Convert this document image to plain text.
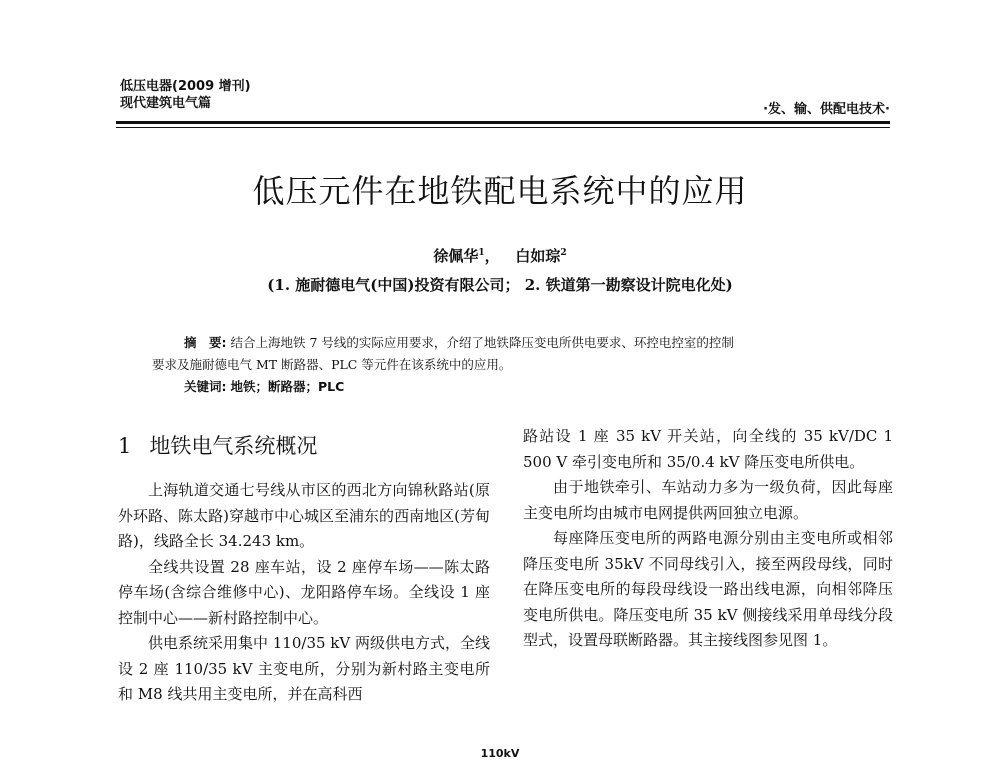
低压电器(2009 增刊)
现代建筑电气篇	·发、输、供配电技术·
低压元件在地铁配电系统中的应用
徐佩华$^1$， 白如琮$^2$
(1. 施耐德电气(中国)投资有限公司； 2. 铁道第一勘察设计院电化处)
摘　要: 结合上海地铁 7 号线的实际应用要求，介绍了地铁降压变电所供电要求、环控电控室的控制
要求及施耐德电气 MT 断路器、PLC 等元件在该系统中的应用。
关键词: 地铁；断路器；PLC
1 地铁电气系统概况

上海轨道交通七号线从市区的西北方向锦秋路站(原外环路、陈太路)穿越市中心城区至浦东的西南地区(芳甸路)，线路全长 34.243 km。

全线共设置 28 座车站，设 2 座停车场——陈太路停车场(含综合维修中心)、龙阳路停车场。全线设 1 座控制中心——新村路控制中心。

供电系统采用集中 110/35 kV 两级供电方式，全线设 2 座 110/35 kV 主变电所，分别为新村路主变电所和 M8 线共用主变电所，并在高科西

路站设 1 座 35 kV 开关站，向全线的 35 kV/DC 1 500 V 牵引变电所和 35/0.4 kV 降压变电所供电。

由于地铁牵引、车站动力多为一级负荷，因此每座主变电所均由城市电网提供两回独立电源。

每座降压变电所的两路电源分别由主变电所或相邻降压变电所 35kV 不同母线引入，接至两段母线，同时在降压变电所的每段母线设一路出线电源，向相邻降压变电所供电。降压变电所 35 kV 侧接线采用单母线分段型式，设置母联断路器。其主接线图参见图 1。

110kV
